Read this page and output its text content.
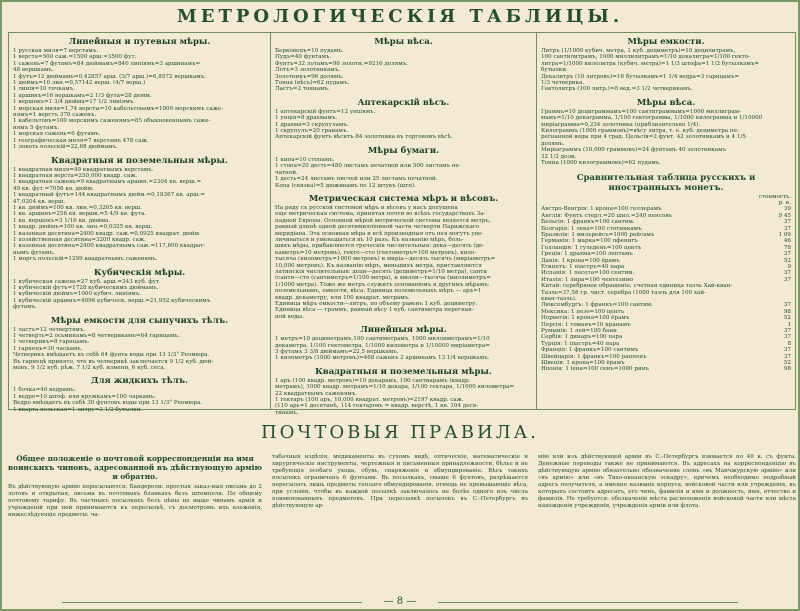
МЕТРОЛОГИЧЕСКІЯ ТАБЛИЦЫ.
Линейныя и путевыя мѣры.
1 русская миля=7 верстамъ.
1 верста=500 саж.=1500 арш.=3500 фут.
1 сажень=7 футамъ=84 дюймамъ=840 линіямъ=3 аршинамъ=
48 вершкамъ.
1 футъ=12 дюймамъ=0,42857 арш. (3/7 арш.)=6,8572 вершкамъ.
1 дюймъ=10 лин.=0,57142 верш. (4/7 верш.)
1 линія=10 точкамъ.
1 аршинъ=16 вершкамъ=2 1/3 фута=28 дюйм.
1 вершокъ=1 3/4 дюйма=17 1/2 линіямъ.
1 морская миля=1,74 версты=10 кабельтовамъ=1000 морскимъ саже-
нямъ=1 верстъ 370 саженъ.
1 кабельтовъ=100 морскимъ саженямъ=85 обыкновеннымъ саже-
нямъ 5 футамъ.
1 морская сажень=6 футамъ.
1 географическая миля=7 верстамъ 478 саж.
1 локоть польскій=22,68 дюймамъ.
Квадратныя и поземельныя мѣры.
1 квадратная миля=49 квадратнымъ верстамъ.
1 квадратная верста=250,000 квадр. саж.
1 квадратная сажень=9 квадратнымъ аршин.=2304 кв. верш.=
49 кв. фут.=7056 кв. дюйм.
1 квадратный футъ=144 квадратнымъ дюйм.=0,18367 кв. арш.=
47,0204 кв. верш.
1 кв. дюймъ=100 кв. лин.=0,3265 кв. верш.
1 кв. аршинъ=256 кв. вершк.=5 4/9 кв. фута.
1 кв. вершокъ=3 1/16 кв. дюйма.
1 квадр. дюймъ=100 кв. лин.=0,0325 кв. верш.
1 казенная десятина=2400 квадр. саж.=0,0925 квадрат. дюйм.
1 хозяйственная десятина=3200 квадр. саж.
1 казенная десятина=2400 квадратнымъ саж.=117,600 квадрат-
нымъ футамъ.
1 моргъ польскій=1299 квадратнымъ саженямъ.
Кубическія мѣры.
1 кубическая сажень=27 куб. арш.=343 куб. фут.
1 кубическій футъ=1728 кубическимъ дюймамъ.
1 кубическій дюймъ=1000 кубич. линіямъ.
1 кубическій аршинъ=4096 кубическ. верш.=21,952 кубическимъ
футамъ.
Мѣры емкости для сыпучихъ тѣлъ.
1 ластъ=12 четвертямъ.
1 четверть=2 осьминамъ=8 четверикамъ=64 гарнцамъ.
1 четверикъ=8 гарнцамъ.
1 гарнецъ=30 часкамъ.
Четверикъ вмѣщаетъ въ себѣ 64 фунта воды при 13 1/3° Реомюра.
Въ гарнецѣ принято, что въ четверикѣ заключается 9 1/2 куб. дюй-
мовъ, 9 1/2 куб. рѣж. 7 1/2 куб. изменн, 6 куб. сеса.
Для жидкихъ тѣлъ.
1 бочка=40 ведрамъ.
1 ведро=10 штоф. или кружкамъ=100 чаркамъ.
Ведро вмѣщаетъ въ себѣ 30 фунтовъ воды при 13 1/3° Реомюра.
1 кварта польская=1 литру=3 1/2 бутылки.
Мѣры вѣса.
Берковецъ=10 пудамъ.
Пудъ=40 фунтамъ.
Фунтъ=32 лотамъ=96 золотн.=9216 долямъ.
Лотъ=3 золотникамъ.
Золотникъ=96 долямъ.
Тонна (вѣсъ)=62 пудамъ.
Ластъ=2 тоннамъ.
Аптекарскій вѣсъ.
1 аптекарскій фунтъ=12 унціямъ.
1 унція=8 драхмамъ.
1 драхма=3 скрупуламъ.
1 скрупулъ=20 гранамъ.
Аптекарскій фунтъ вѣситъ 84 золотника въ торговомъ вѣсѣ.
Мѣры бумаги.
1 кипа=10 стопамъ.
1 стопа=20 десть=480 листамъ печатной или 500 листамъ не-
чатной.
1 десть=24 листамъ писчей или 25 листамъ печатной.
Копа (связка)=5 дюжинамъ по 12 штукъ (штп).
Метрическая система мѣръ и вѣсовъ.
На ряду съ русской системой мѣръ и вѣсовъ у насъ допущена
еще метрическая система, принятая почти во всѣхъ государствахъ За-
падной Европы. Основной мѣрой метрической системы является метръ,
равный длинѣ одной десятимилліонной части четверти Парижскаго
меридіана. Эта основная мѣра и всѣ производныя отъ нея могутъ уве-
личиваться и уменьшаться въ 10 разъ. Къ названію мѣръ, боль-
шихъ мѣры, прибавляются греческія числительныя: дека—десять (де-
каметръ=10 метровъ), гекто—сто (гектометръ=100 метровъ), кило-
тысяча (километръ=1000 метровъ) и миріа—десять тысячъ (миріаметръ=
10,000 метровъ). Къ названію мѣръ, меньшихъ метра, приставляются
латинскія числительныя: деци—десять (дециметръ=1/10 метра), санти
(санти—сто (сантиметръ=1/100 метра), и милли—тысяча (миллиметръ=
1/1000 метра). Тоже же метръ служитъ основаніемъ и другимъ мѣрамъ:
поземельнымъ, емкости, вѣса. Единица поземельныхъ мѣръ — аръ=1
квадр. декаметру, или 100 квадрат. метрамъ.
Единица мѣръ емкости—литръ, по объему равенъ 1 куб. дециметру.
Единица вѣса — граммъ, равный вѣсу 1 куб. сантиметра перегнан-
ной воды.
Линейныя мѣры.
1 метръ=10 дециметрамъ,100 сантиметрамъ, 1000 миллиметрамъ=1/10
декаметра, 1/100 гектометра, 1/1000 километра и 1/10000 миріаметра=
3 футамъ 3 3/8 дюймамъ=22,5 вершкамъ.
1 километръ (1000 метровъ)=468 саженъ 2 аршинамъ 13 1/4 вершкамъ.
Квадратныя и поземельныя мѣры.
1 аръ (100 квадр. метровъ)=10 декарамъ, 100 сантиарамъ (квадр.
метрамъ), 1000 квадр. метрамъ=1/10 декара, 1/100 гектара, 1/1000 километра=
22 квадратнымъ саженямъ.
1 гектаръ (100 аръ, 10,000 квадрат. метровъ)=2197 квадр. саж.
(110 арь=1 десятинѣ, 114 гектаровъ = квадр. верстѣ, 1 кв. 104 деся-
тинамъ.
Мѣры емкости.
Литръ (1/1000 кубич. метра, 1 куб. дециметръ)=10 децилитрамъ,
100 сантилитрамъ, 1000 миллилитрамъ=1/10 декалитра=1/100 гекто-
литра=1/1000 килолитра (кубич. метра)=1 1/3 штофа=1 1/2 бутылкамъ=
бутылки.
Декалитръ (10 литровъ)=16 бутылкамъ=1 1/4 ведра=3 гарнцамъ=
1/3 четверика.
Гектолитръ (100 литр.)=8 вед.=3 1/2 четверикамъ.
Мѣры вѣса.
Граммъ=10 дециграммамъ=100 сантиграммамъ=1000 миллиграм-
мамъ=1/10 декаграмма, 1/100 гектограмма, 1/1000 килограмма и 1/10000
миріаграмма=0,234 золотника (приблизительно 1/4).
Килограммъ (1000 граммовъ)=вѣсу литра, т. е. куб. дециметра пе-
регнанной воды при 4 град. Цельсія=2 фунт. 42 золотникамъ и 4 1/5
долямъ.
Миріаграммъ (10,000 граммовъ)=24 фунтамъ 40 золотникамъ
32 1/2 доли.
Тонна (1000 килограммовъ)=62 пудамъ.
Сравнительная таблица русскихъ и иностранныхъ монетъ.
стоимость.
р. к.
Австро-Венгрія: 1 крона=100 геллерамъ	39
Англія: Фунтъ стерл.=20 шил.=240 пенсовъ	9 45
Бельгія: 1 франкъ=100 сантим.	37
Болгарія: 1 лева=100 стотинкамъ	37
Бразилія: 1 мильрейсъ=1000 рейсамъ	1 09
Германія: 1 марка=100 пфенигъ	46
Голландія: 1 гульденъ=100 центъ	78
Греція: 1 драхма=100 лептамъ	37
Данія: 1 крона=100 ёрамъ	52
Египетъ: 1 піастръ=40 пара	9
Испанія: 1 песета=100 сентим.	37
Италія: 1 лира=100 чентезимо	37
Китай: серебряное обращеніе; счетная единица таэль Хай-кван-
Таэль=37,58 гр. чист. серебра (1000 таэль для 100 хай-
кван-таэль).
Люксембургъ: 1 франкъ=100 сантим.	37
Мексика: 1 пезо=100 центъ	98
Норвегія: 1 крона=100 ёрамъ	52
Персія: 1 томанъ=10 кранамъ	1
Румынія: 1 лей=100 бани	37
Сербія: 1 динаръ=100 пара	37
Турція: 1 піастръ=40 пара	8
Франція: 1 франкъ=100 сантимъ	37
Швейцарія: 1 франкъ=100 раппенъ	37
Швеція: 1 крона=100 ёрамъ	52
Японія: 1 іена=100 сенъ=1000 ринъ	98
ПОЧТОВЫЯ ПРАВИЛА.
Общее положеніе о почтовой корреспонденціи на имя воинскихъ чиновъ, адресованной въ дѣйствующую армію и обратно.
Въ дѣйствующую армію пересылаются: Бандероли: простыя заказ-ныя письма до 2 лотовъ и открытыя, письма въ почтовыхъ бланкахъ безъ штемпеля. По общему почтовому тарифу. Въ частныхъ посылкахъ безъ цѣны не выше чинамъ армія и учрежденій при ней принимаются къ пересылкѣ, съ досмотромъ ихъ вложенія, нижеслѣдующіе предметы: ча-
табачныя издѣлія, медикаменты въ сухомъ видѣ, оптическіе, математическіе и хирургическіе инструменты, чертежныя и письменныя принадлежности, бѣлье и не требующія особаго ухода, обувь, снаряженіе и обмундированіе. Вѣсъ такихъ посылокъ ограниченъ 6 фунтами. Въ посылкахъ, свыше 6 фунтовъ, разрѣшается пересылать лишь предметы теплаго обмундированія, отнюдь не превышающіе вѣса, при условіи, чтобы въ каждой посылкѣ заключалось не болѣе одного изъ числа поименованныхъ предметовъ. При пересылкѣ посылокъ въ С.-Петербургъ въ дѣйствующую ар-
мію или изъ дѣйствующей арміи въ С.-Петербургъ взимается по 40 к. съ фунта. Денежные переводы также не принимаются. Въ адресахъ на корреспонденцію въ дѣйствующую армію обязательно обозначение словъ «въ Манчжурскую армію» или «въ армію» или «въ Тихо-океанскую эскадру», причемъ необходимо подробный адресъ получателя, а именно названіе корпуса, войсковой части или учрежденія, въ которыхъ состоитъ адресатъ, его чинъ, фамилія и имя и должность, имя, отчество и фамилія. Не требуется: обозначеніе мѣста расположенія войсковой части или мѣста нахожденія учрежденія, учрежденія арміи или флота.
— 8 —
